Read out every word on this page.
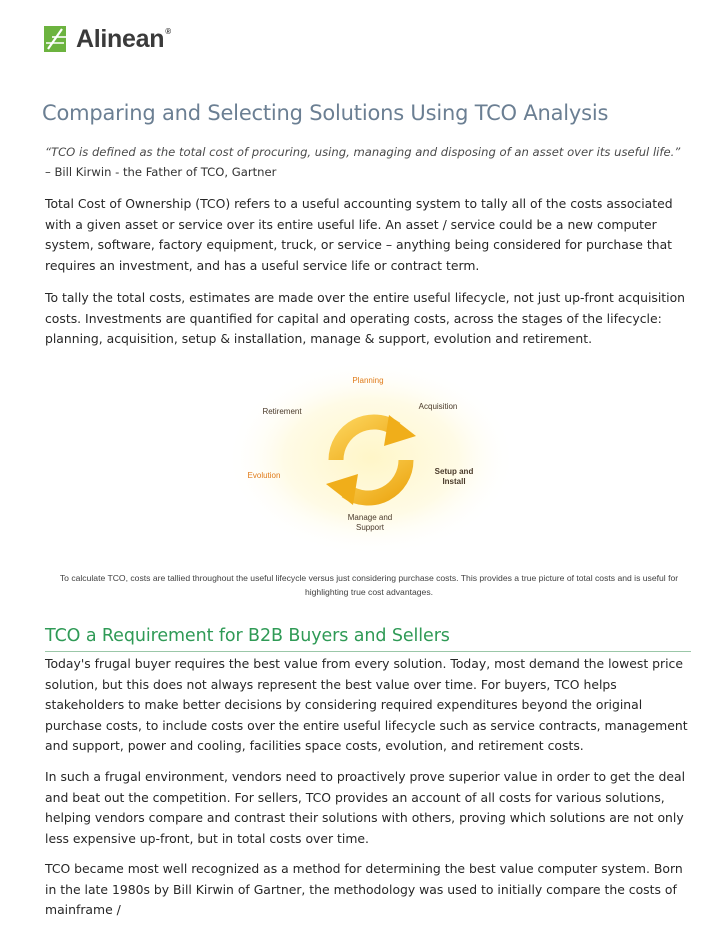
Alinean®
Comparing and Selecting Solutions Using TCO Analysis

“TCO is defined as the total cost of procuring, using, managing and disposing of an asset over its useful life.”

– Bill Kirwin - the Father of TCO, Gartner

Total Cost of Ownership (TCO) refers to a useful accounting system to tally all of the costs associated with a given asset or service over its entire useful life. An asset / service could be a new computer system, software, factory equipment, truck, or service – anything being considered for purchase that requires an investment, and has a useful service life or contract term.

To tally the total costs, estimates are made over the entire useful lifecycle, not just up-front acquisition costs. Investments are quantified for capital and operating costs, across the stages of the lifecycle: planning, acquisition, setup & installation, manage & support, evolution and retirement.

Planning
Acquisition
Setup and
Install
Manage and
Support
Evolution
Retirement

To calculate TCO, costs are tallied throughout the useful lifecycle versus just considering purchase costs. This provides a true picture of total costs and is useful for highlighting true cost advantages.

TCO a Requirement for B2B Buyers and Sellers

Today's frugal buyer requires the best value from every solution. Today, most demand the lowest price solution, but this does not always represent the best value over time. For buyers, TCO helps stakeholders to make better decisions by considering required expenditures beyond the original purchase costs, to include costs over the entire useful lifecycle such as service contracts, management and support, power and cooling, facilities space costs, evolution, and retirement costs.

In such a frugal environment, vendors need to proactively prove superior value in order to get the deal and beat out the competition. For sellers, TCO provides an account of all costs for various solutions, helping vendors compare and contrast their solutions with others, proving which solutions are not only less expensive up-front, but in total costs over time.

TCO became most well recognized as a method for determining the best value computer system. Born in the late 1980s by Bill Kirwin of Gartner, the methodology was used to initially compare the costs of mainframe /
